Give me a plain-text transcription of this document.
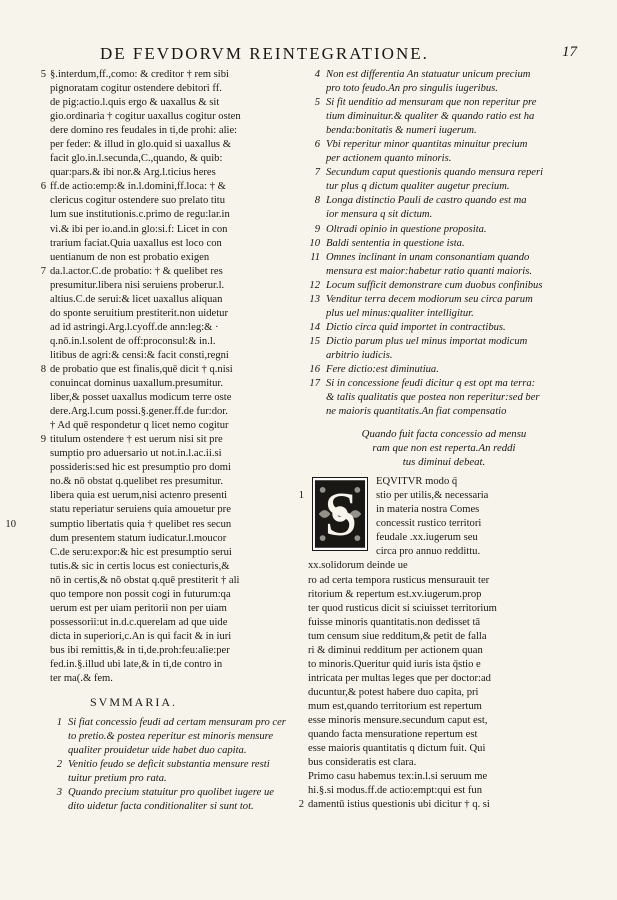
DE FEVDORVM REINTEGRATIONE.	17
5 §.interdum,ff.,como: & creditor † rem sibi
pignoratam cogitur ostendere debitori ff.
de pig:actio.l.quis ergo & uaxallus & sit
gio.ordinaria † cogitur uaxallus cogitur osten
dere domino res feudales in ti,de prohi: alie:
per feder: & illud in glo.quid si uaxallus &
facit glo.in.l.secunda,C.,quando, & quib:
quar:pars.& ibi nor.& Arg.l.ticius heres
6 ff.de actio:emp:& in.l.domini,ff.loca: † &
clericus cogitur ostendere suo prelato titu
lum sue institutionis.c.primo de regu:lar.in
vi.& ibi per io.and.in glo:si.f: Licet in con
trarium faciat.Quia uaxallus est loco con
uentianum de non est probatio exigen
7 da.l.actor.C.de probatio: † & quelibet res
presumitur.libera nisi seruiens proberur.l.
altius.C.de serui:& licet uaxallus aliquan
do sponte seruitium prestiterit.non uidetur
ad id astringi.Arg.l.cyoff.de ann:leg:& ·
q.nō.in.l.solent de off:proconsul:& in.l.
litibus de agri:& censi:& facit consti,regni
8 de probatio que est finalis,quē dicit † q.nisi
conuincat dominus uaxallum.presumitur.
liber,& posset uaxallus modicum terre oste
dere.Arg.l.cum possi.§.gener.ff.de fur:dor.
† Ad quē respondetur q licet nemo cogitur
9 titulum ostendere † est uerum nisi sit pre
sumptio pro aduersario ut not.in.l.ac.ii.si
possideris:sed hic est presumptio pro domi
no.& nō obstat q.quelibet res presumitur.
libera quia est uerum,nisi actenro presenti
statu reperiatur seruiens quia amouetur pre
10	sumptio libertatis quia † quelibet res secun
dum presentem statum iudicatur.l.moucor
C.de seru:expor:& hic est presumptio serui
tutis.& sic in certis locus est coniecturis,&
nō in certis,& nō obstat q.quē prestiterit † ali
quo tempore non possit cogi in futurum:qa
uerum est per uiam peritorii non per uiam
possessorii:ut in.d.c.querelam ad que uide
dicta in superiori,c.An is qui facit & in iuri
bus ibi remittis,& in ti,de.proh:feu:alie:per
fed.in.§.illud ubi late,& in ti,de contro in
ter ma(.& fem.
SVMMARIA.
1 Si fiat concessio feudi ad certam mensuram pro cer
to pretio.& postea reperitur est minoris mensure
qualiter prouidetur uide habet duo capita.
2 Venitio feudo se deficit substantia mensure resti
tuitur pretium pro rata.
3 Quando precium statuitur pro quolibet iugere ue
dito uidetur facta conditionaliter si sunt tot.
4 Non est differentia An statuatur unicum precium
pro toto feudo.An pro singulis iugeribus.
5 Si fit uenditio ad mensuram que non reperitur pre
tium diminuitur.& qualiter & quando ratio est ha
benda:bonitatis & numeri iugerum.
6 Vbi reperitur minor quantitas minuitur precium
per actionem quanto minoris.
7 Secundum caput questionis quando mensura reperi
tur plus q dictum qualiter augetur precium.
8 Longa distinctio Pauli de castro quando est ma
ior mensura q sit dictum.
9 Oltradi opinio in questione proposita.
10 Baldi sententia in questione ista.
11 Omnes inclinant in unam consonantiam quando
mensura est maior:habetur ratio quanti maioris.
12 Locum sufficit demonstrare cum duobus confinibus
13 Venditur terra decem modiorum seu circa parum
plus uel minus:qualiter intelligitur.
14 Dictio circa quid importet in contractibus.
15 Dictio parum plus uel minus importat modicum
arbitrio iudicis.
16 Fere dictio:est diminutiua.
17 Si in concessione feudi dicitur q est opt ma terra:
& talis qualitatis que postea non reperitur:sed ber
ne maioris quantitatis.An fiat compensatio
Quando fuit facta concessio ad mensu
ram que non est reperta.An reddi
tus diminui debeat.
S	EQVITVR modo q̄
1	stio per utilis,& necessaria
in materia nostra Comes
concessit rustico territori
feudale .xx.iugerum seu
circa pro annuo reddittu.
xx.solidorum deinde ue
ro ad certa tempora rusticus mensurauit ter
ritorium & repertum est.xv.iugerum.prop
ter quod rusticus dicit si sciuisset territorium
fuisse minoris quantitatis.non dedisset tā
tum censum siue redditum,& petit de falla
ri & diminui redditum per actionem quan
to minoris.Queritur quid iuris ista q̄stio e
intricata per multas leges que per doctor:ad
ducuntur,& potest habere duo capita, pri
mum est,quando territorium est repertum
esse minoris mensure.secundum caput est,
quando facta mensuratione repertum est
esse maioris quantitatis q dictum fuit. Qui
bus consideratis est clara.
Primo casu habemus tex:in.l.si seruum me
hi.§.si modus.ff.de actio:empt:qui est fun
2 damentū istius questionis ubi dicitur † q. si
